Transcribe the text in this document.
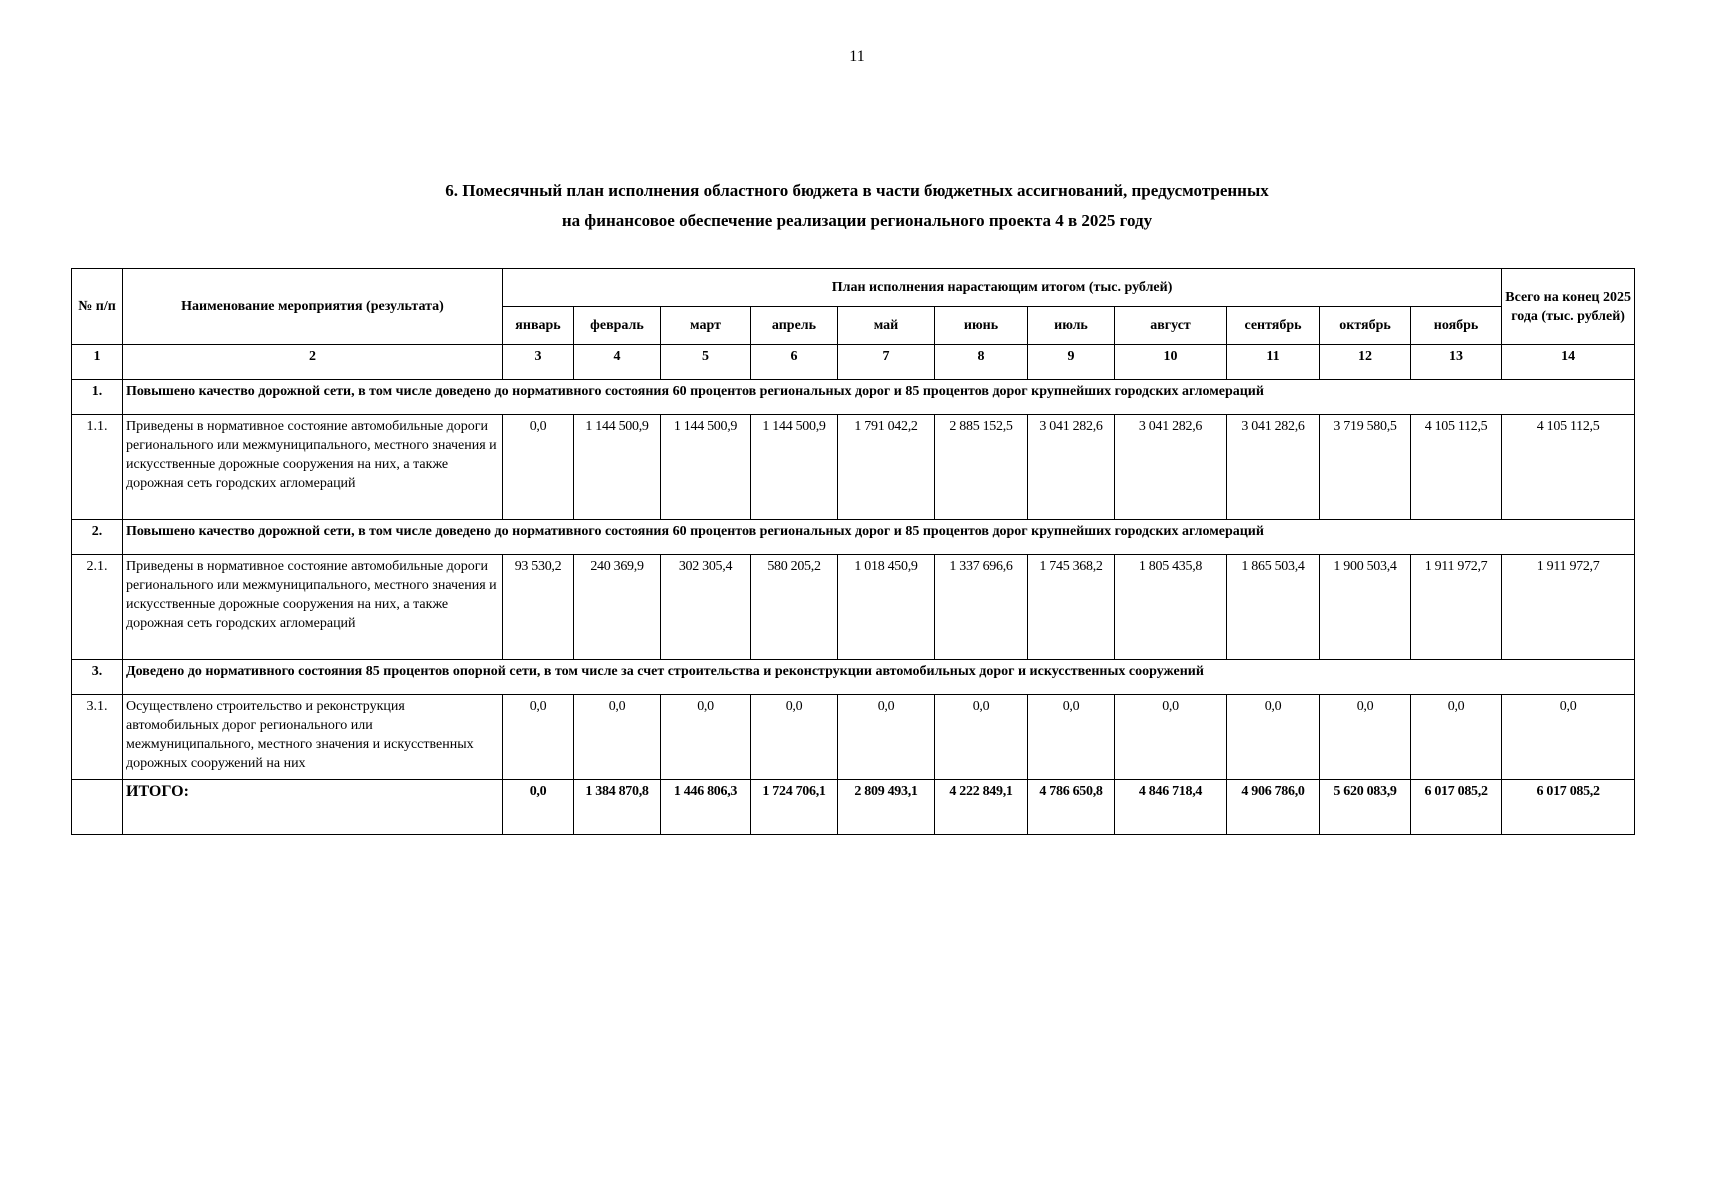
11
6. Помесячный план исполнения областного бюджета в части бюджетных ассигнований, предусмотренных
на финансовое обеспечение реализации регионального проекта 4 в 2025 году
№ п/п	Наименование мероприятия (результата)	План исполнения нарастающим итогом (тыс. рублей)											Всего на конец 2025 года (тыс. рублей)
		январь	февраль	март	апрель	май	июнь	июль	август	сентябрь	октябрь	ноябрь	
1	2	3	4	5	6	7	8	9	10	11	12	13	14
1.	Повышено качество дорожной сети, в том числе доведено до нормативного состояния 60 процентов региональных дорог и 85 процентов дорог крупнейших городских агломераций												
1.1.	Приведены в нормативное состояние автомобильные дороги регионального или межмуниципального, местного значения и искусственные дорожные сооружения на них, а также дорожная сеть городских агломераций	0,0	1 144 500,9	1 144 500,9	1 144 500,9	1 791 042,2	2 885 152,5	3 041 282,6	3 041 282,6	3 041 282,6	3 719 580,5	4 105 112,5	4 105 112,5
2.	Повышено качество дорожной сети, в том числе доведено до нормативного состояния 60 процентов региональных дорог и 85 процентов дорог крупнейших городских агломераций												
2.1.	Приведены в нормативное состояние автомобильные дороги регионального или межмуниципального, местного значения и искусственные дорожные сооружения на них, а также дорожная сеть городских агломераций	93 530,2	240 369,9	302 305,4	580 205,2	1 018 450,9	1 337 696,6	1 745 368,2	1 805 435,8	1 865 503,4	1 900 503,4	1 911 972,7	1 911 972,7
3.	Доведено до нормативного состояния 85 процентов опорной сети, в том числе за счет строительства и реконструкции автомобильных дорог и искусственных сооружений												
3.1.	Осуществлено строительство и реконструкция автомобильных дорог регионального или межмуниципального, местного значения и искусственных дорожных сооружений на них	0,0	0,0	0,0	0,0	0,0	0,0	0,0	0,0	0,0	0,0	0,0	0,0
	ИТОГО:	0,0	1 384 870,8	1 446 806,3	1 724 706,1	2 809 493,1	4 222 849,1	4 786 650,8	4 846 718,4	4 906 786,0	5 620 083,9	6 017 085,2	6 017 085,2
